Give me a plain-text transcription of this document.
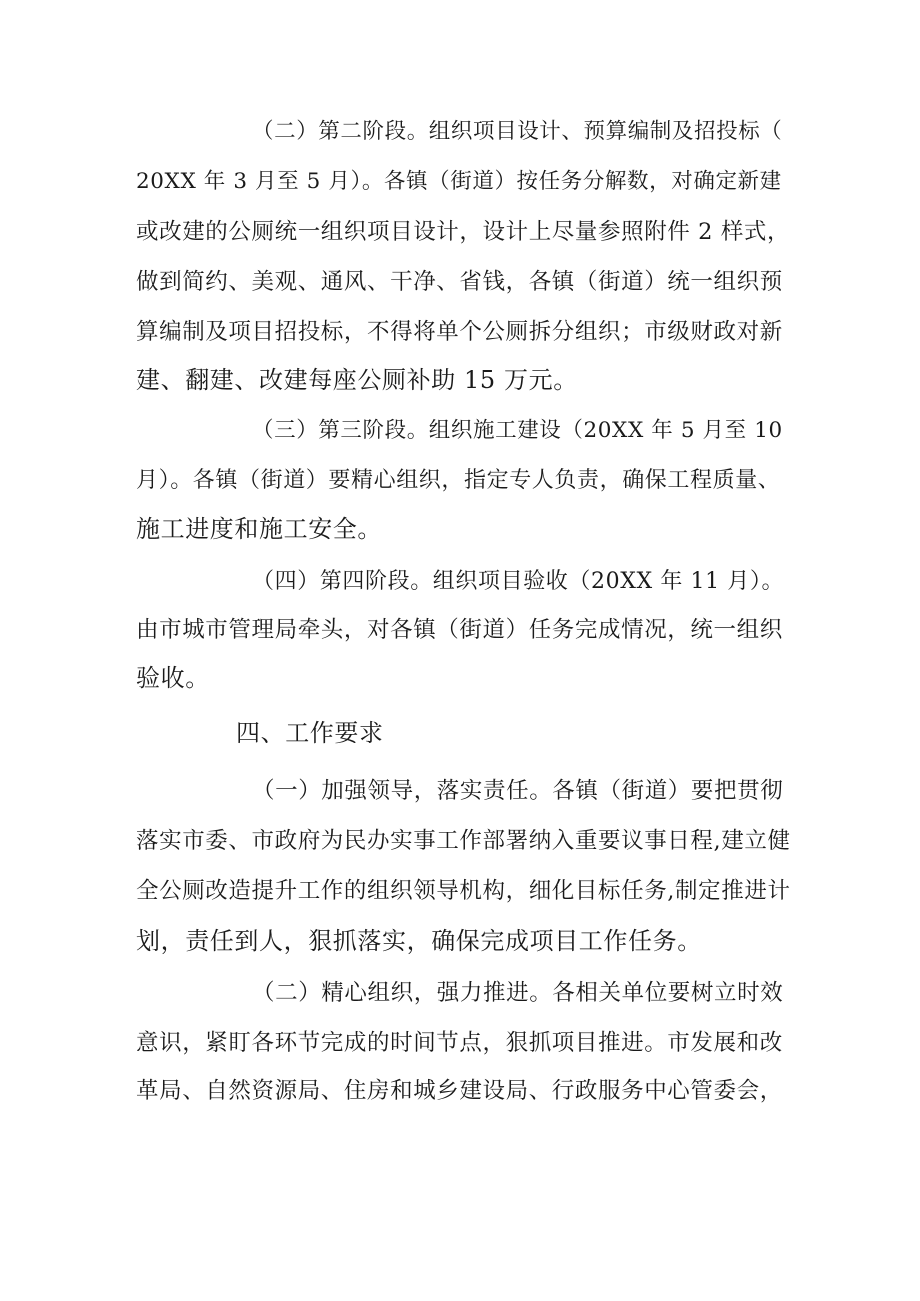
（二）第二阶段。组织项目设计、预算编制及招投标（
20XX 年 3 月至 5 月）。各镇（街道）按任务分解数，对确定新建
或改建的公厕统一组织项目设计，设计上尽量参照附件 2 样式，
做到简约、美观、通风、干净、省钱，各镇（街道）统一组织预
算编制及项目招投标，不得将单个公厕拆分组织；市级财政对新
建、翻建、改建每座公厕补助 15 万元。
（三）第三阶段。组织施工建设（20XX 年 5 月至 10
月）。各镇（街道）要精心组织，指定专人负责，确保工程质量、
施工进度和施工安全。
（四）第四阶段。组织项目验收（20XX 年 11 月）。
由市城市管理局牵头，对各镇（街道）任务完成情况，统一组织
验收。
四、工作要求
（一）加强领导，落实责任。各镇（街道）要把贯彻
落实市委、市政府为民办实事工作部署纳入重要议事日程,建立健
全公厕改造提升工作的组织领导机构，细化目标任务,制定推进计
划，责任到人，狠抓落实，确保完成项目工作任务。
（二）精心组织，强力推进。各相关单位要树立时效
意识，紧盯各环节完成的时间节点，狠抓项目推进。市发展和改
革局、自然资源局、住房和城乡建设局、行政服务中心管委会，
